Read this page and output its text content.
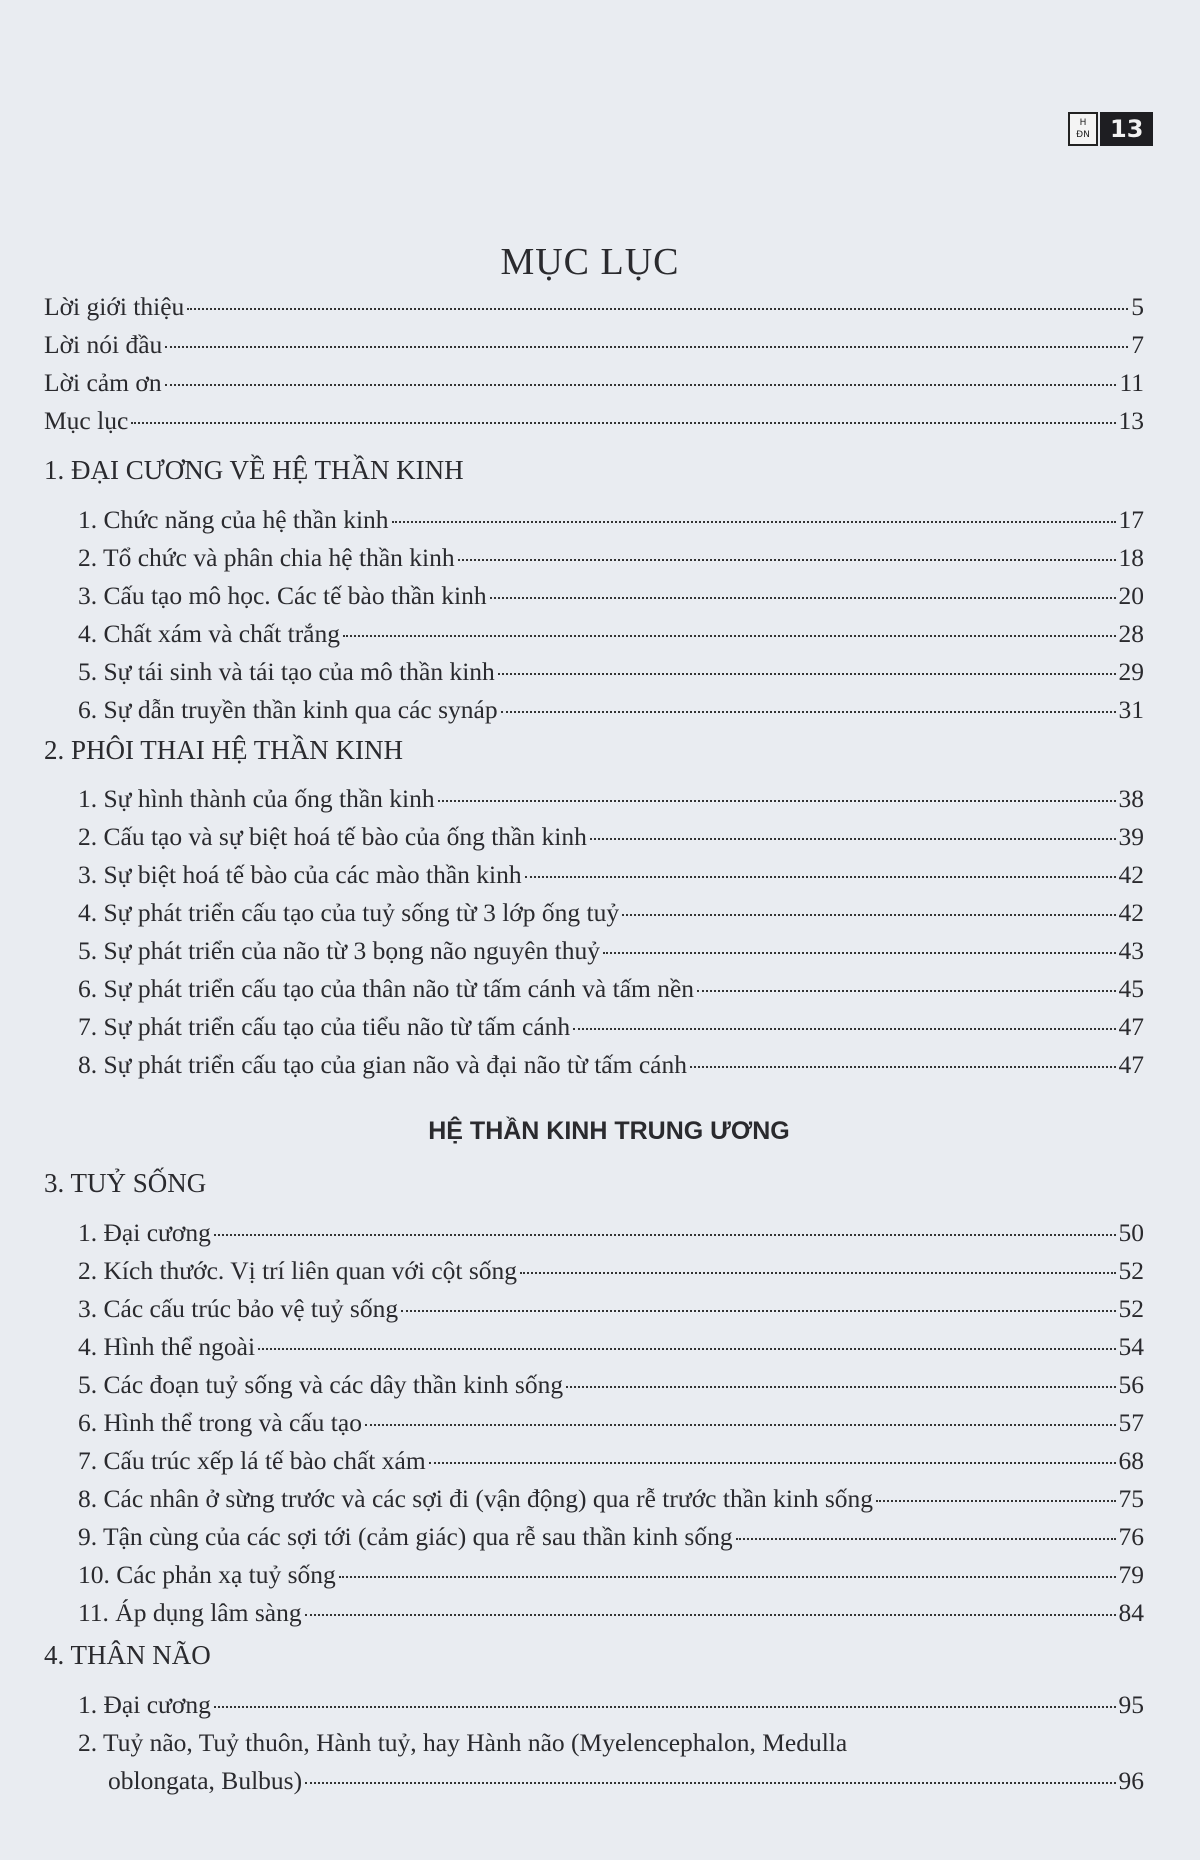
H
ĐN 13
MỤC LỤC
Lời giới thiệu	5
Lời nói đầu	7
Lời cảm ơn	11
Mục lục	13
1. ĐẠI CƯƠNG VỀ HỆ THẦN KINH
1. Chức năng của hệ thần kinh	17
2. Tổ chức và phân chia hệ thần kinh	18
3. Cấu tạo mô học. Các tế bào thần kinh	20
4. Chất xám và chất trắng	28
5. Sự tái sinh và tái tạo của mô thần kinh	29
6. Sự dẫn truyền thần kinh qua các synáp	31
2. PHÔI THAI HỆ THẦN KINH
1. Sự hình thành của ống thần kinh	38
2. Cấu tạo và sự biệt hoá tế bào của ống thần kinh	39
3. Sự biệt hoá tế bào của các mào thần kinh	42
4. Sự phát triển cấu tạo của tuỷ sống từ 3 lớp ống tuỷ	42
5. Sự phát triển của não từ 3 bọng não nguyên thuỷ	43
6. Sự phát triển cấu tạo của thân não từ tấm cánh và tấm nền	45
7. Sự phát triển cấu tạo của tiểu não từ tấm cánh	47
8. Sự phát triển cấu tạo của gian não và đại não từ tấm cánh	47
HỆ THẦN KINH TRUNG ƯƠNG
3. TUỶ SỐNG
1. Đại cương	50
2. Kích thước. Vị trí liên quan với cột sống	52
3. Các cấu trúc bảo vệ tuỷ sống	52
4. Hình thể ngoài	54
5. Các đoạn tuỷ sống và các dây thần kinh sống	56
6. Hình thể trong và cấu tạo	57
7. Cấu trúc xếp lá tế bào chất xám	68
8. Các nhân ở sừng trước và các sợi đi (vận động) qua rễ trước thần kinh sống	75
9. Tận cùng của các sợi tới (cảm giác) qua rễ sau thần kinh sống	76
10. Các phản xạ tuỷ sống	79
11. Áp dụng lâm sàng	84
4. THÂN NÃO
1. Đại cương	95
2. Tuỷ não, Tuỷ thuôn, Hành tuỷ, hay Hành não (Myelencephalon, Medulla
oblongata, Bulbus)	96
